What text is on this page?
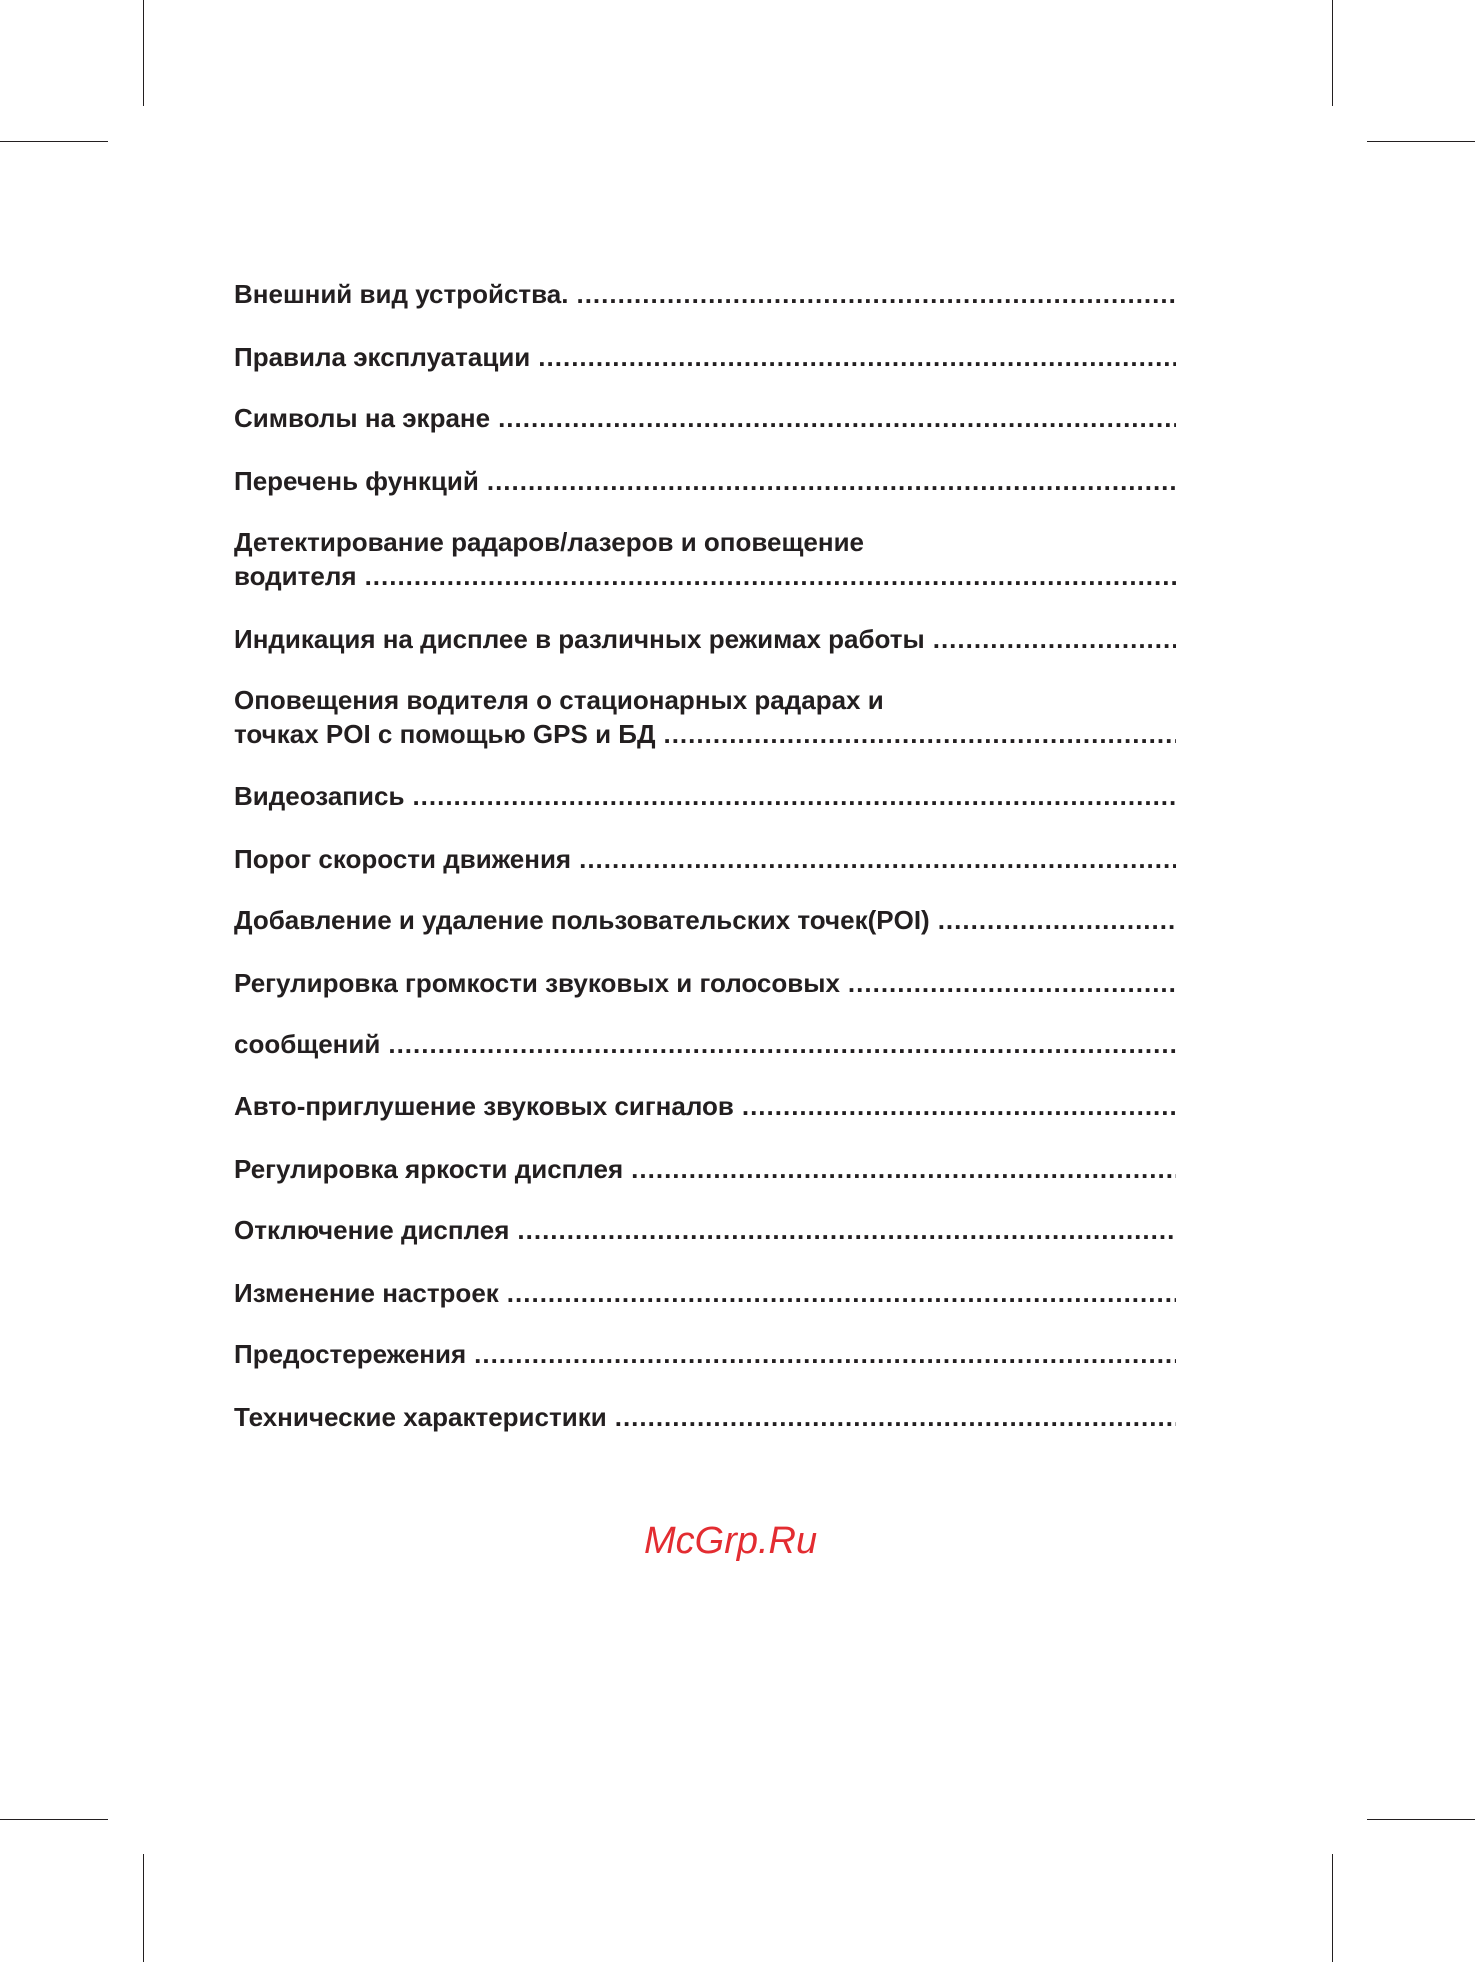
Внешний вид устройства.
.....
Правила эксплуатации
.....
Символы на экране
.....
Перечень функций
.....
Детектирование радаров/лазеров и оповещение
водителя
.....
Индикация на дисплее в различных режимах работы
.....
Оповещения водителя о стационарных радарах и
точках POI с помощью GPS и БД
.....
Видеозапись
.....
Порог скорости движения
.....
Добавление и удаление пользовательских точек(POI)
.....
Регулировка громкости звуковых и голосовых
.....
сообщений
.....
Авто-приглушение звуковых сигналов
.....
Регулировка яркости дисплея
.....
Отключение дисплея
.....
Изменение настроек
.....
Предостережения
.....
Технические характеристики
.....
McGrp.Ru
